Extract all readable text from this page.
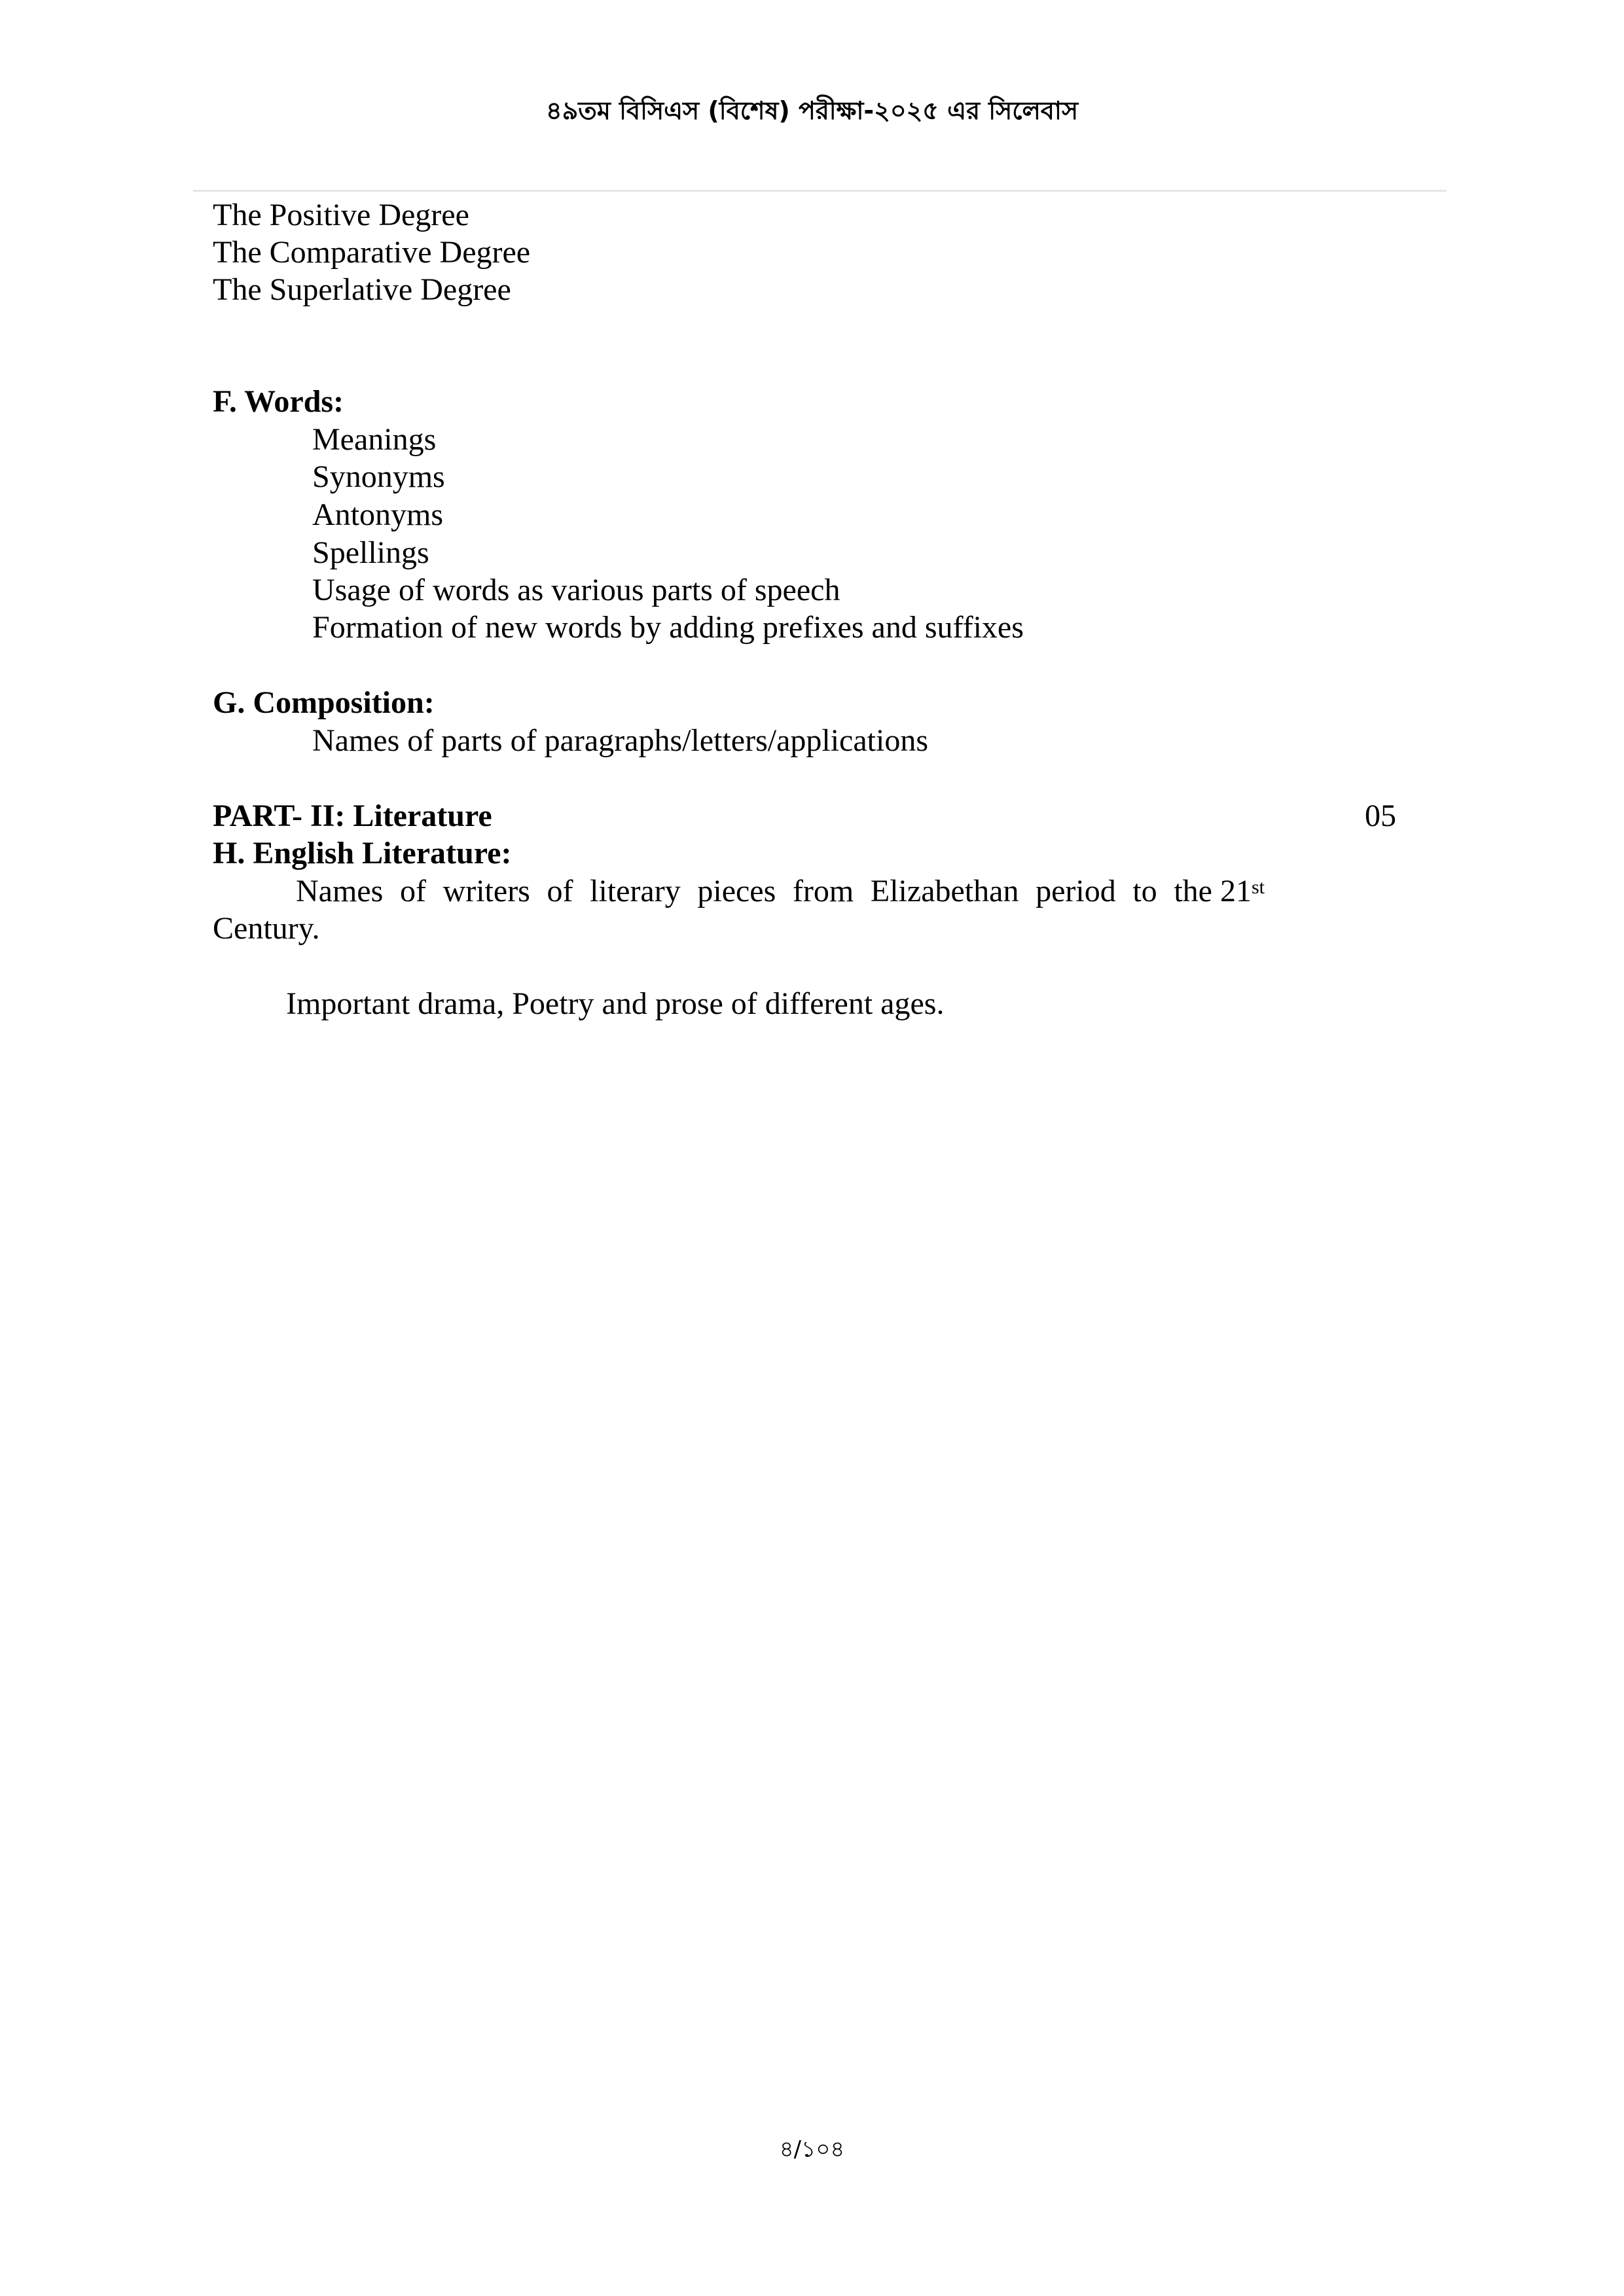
৪৯তম বিসিএস (বিশেষ) পরীক্ষা-২০২৫ এর সিলেবাস
The Positive Degree
The Comparative Degree
The Superlative Degree
F. Words:
Meanings
Synonyms
Antonyms
Spellings
Usage of words as various parts of speech
Formation of new words by adding prefixes and suffixes
G. Composition:
Names of parts of paragraphs/letters/applications
PART- II: Literature	05
H. English Literature:
Names of writers of literary pieces from Elizabethan period to the 21st
Century.
Important drama, Poetry and prose of different ages.
৪/১০৪
